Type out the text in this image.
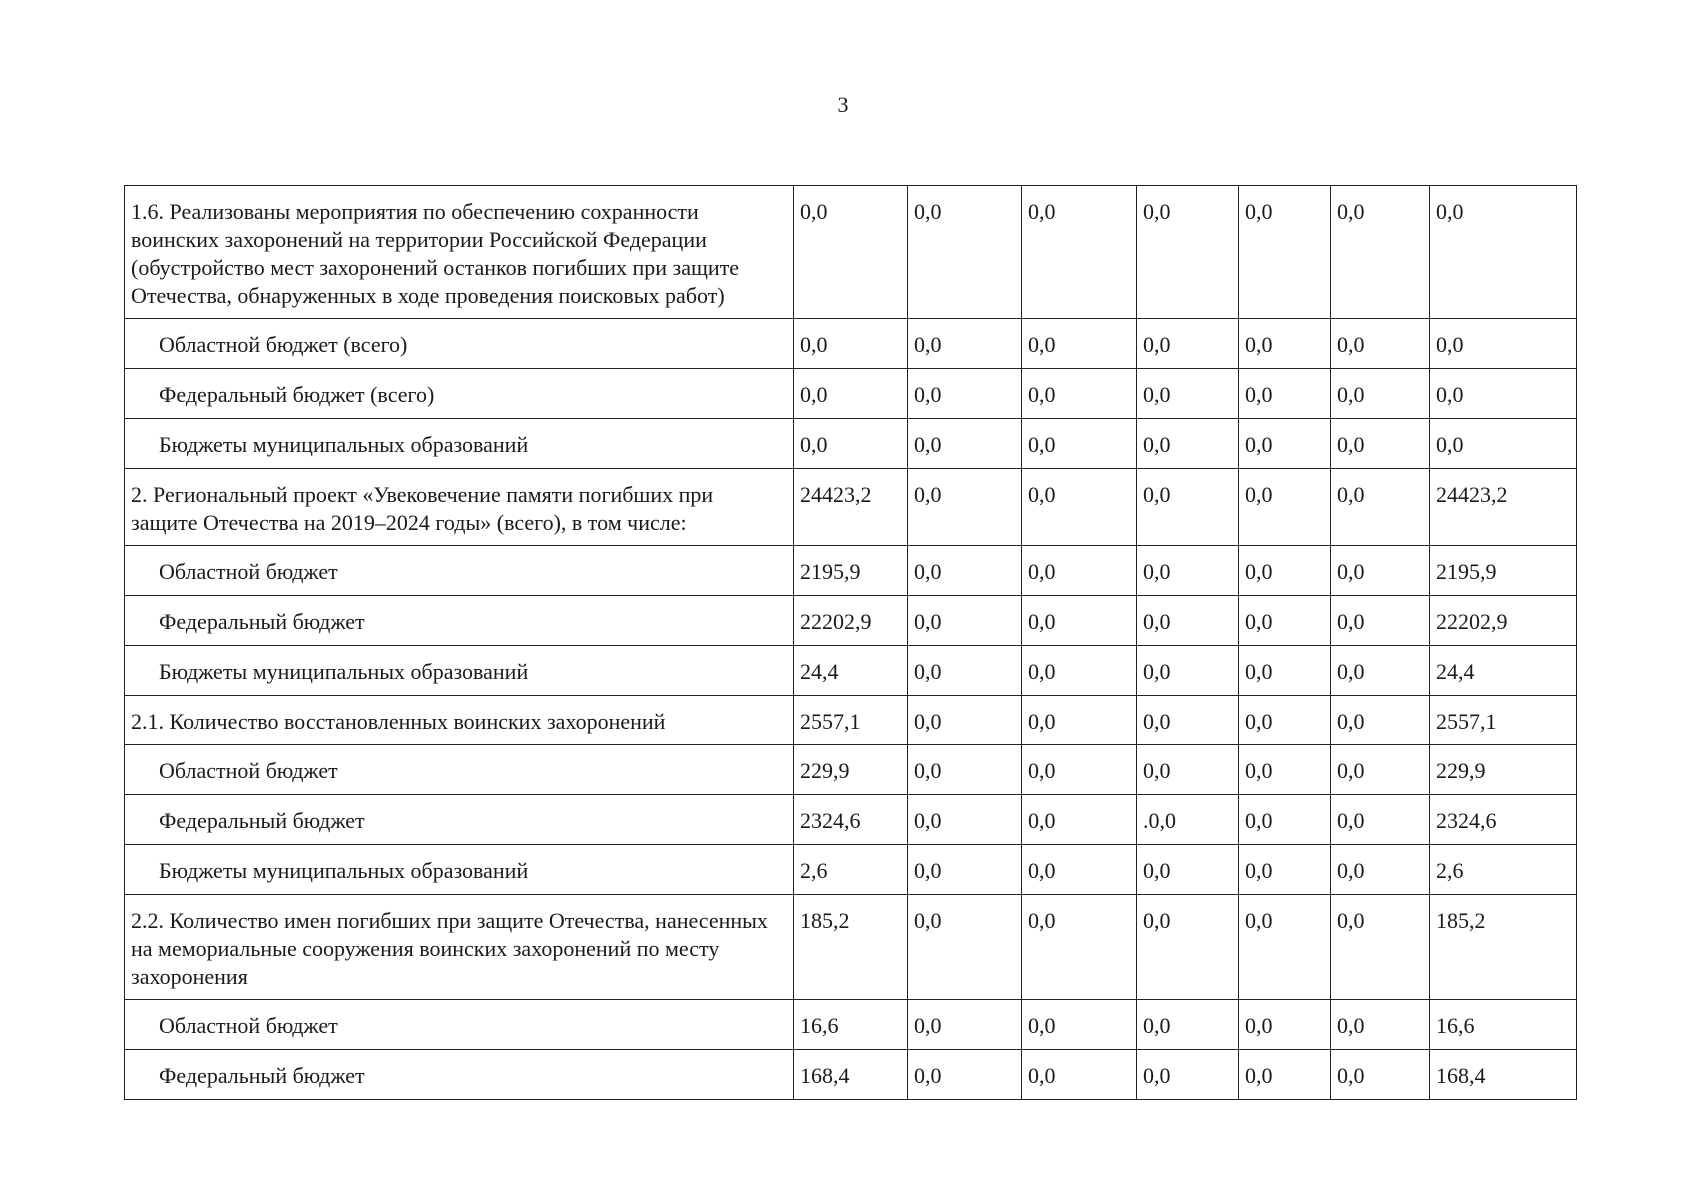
3
1.6. Реализованы мероприятия по обеспечению сохранности воинских захоронений на территории Российской Федерации (обустройство мест захоронений останков погибших при защите Отечества, обнаруженных в ходе проведения поисковых работ)	0,0	0,0	0,0	0,0	0,0	0,0	0,0
Областной бюджет (всего)	0,0	0,0	0,0	0,0	0,0	0,0	0,0
Федеральный бюджет (всего)	0,0	0,0	0,0	0,0	0,0	0,0	0,0
Бюджеты муниципальных образований	0,0	0,0	0,0	0,0	0,0	0,0	0,0
2. Региональный проект «Увековечение памяти погибших при защите Отечества на 2019–2024 годы» (всего), в том числе:	24423,2	0,0	0,0	0,0	0,0	0,0	24423,2
Областной бюджет	2195,9	0,0	0,0	0,0	0,0	0,0	2195,9
Федеральный бюджет	22202,9	0,0	0,0	0,0	0,0	0,0	22202,9
Бюджеты муниципальных образований	24,4	0,0	0,0	0,0	0,0	0,0	24,4
2.1. Количество восстановленных воинских захоронений	2557,1	0,0	0,0	0,0	0,0	0,0	2557,1
Областной бюджет	229,9	0,0	0,0	0,0	0,0	0,0	229,9
Федеральный бюджет	2324,6	0,0	0,0	.0,0	0,0	0,0	2324,6
Бюджеты муниципальных образований	2,6	0,0	0,0	0,0	0,0	0,0	2,6
2.2. Количество имен погибших при защите Отечества, нанесенных на мемориальные сооружения воинских захоронений по месту захоронения	185,2	0,0	0,0	0,0	0,0	0,0	185,2
Областной бюджет	16,6	0,0	0,0	0,0	0,0	0,0	16,6
Федеральный бюджет	168,4	0,0	0,0	0,0	0,0	0,0	168,4
